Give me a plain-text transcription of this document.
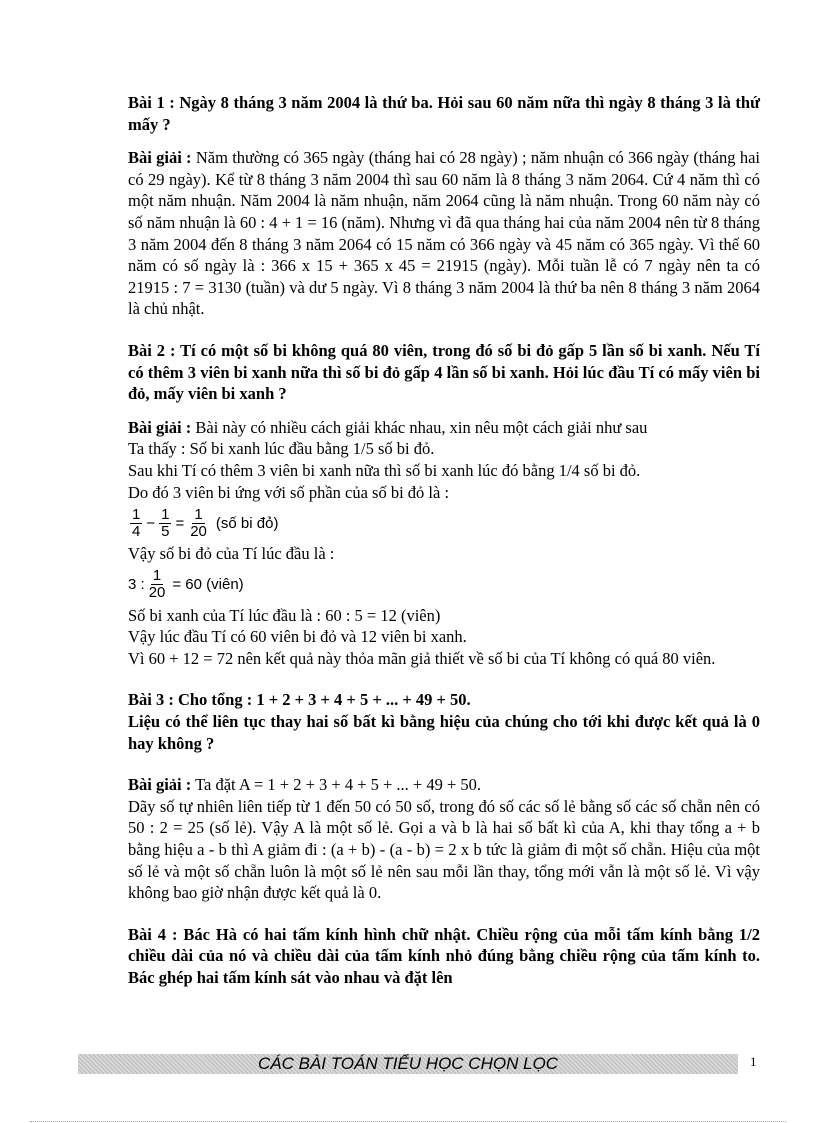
Bài 1 : Ngày 8 tháng 3 năm 2004 là thứ ba. Hỏi sau 60 năm nữa thì ngày 8 tháng 3 là thứ mấy ?

Bài giải : Năm thường có 365 ngày (tháng hai có 28 ngày) ; năm nhuận có 366 ngày (tháng hai có 29 ngày). Kể từ 8 tháng 3 năm 2004 thì sau 60 năm là 8 tháng 3 năm 2064. Cứ 4 năm thì có một năm nhuận. Năm 2004 là năm nhuận, năm 2064 cũng là năm nhuận. Trong 60 năm này có số năm nhuận là 60 : 4 + 1 = 16 (năm). Nhưng vì đã qua tháng hai của năm 2004 nên từ 8 tháng 3 năm 2004 đến 8 tháng 3 năm 2064 có 15 năm có 366 ngày và 45 năm có 365 ngày. Vì thế 60 năm có số ngày là : 366 x 15 + 365 x 45 = 21915 (ngày). Mỗi tuần lễ có 7 ngày nên ta có 21915 : 7 = 3130 (tuần) và dư 5 ngày. Vì 8 tháng 3 năm 2004 là thứ ba nên 8 tháng 3 năm 2064 là chủ nhật.

Bài 2 : Tí có một số bi không quá 80 viên, trong đó số bi đỏ gấp 5 lần số bi xanh. Nếu Tí có thêm 3 viên bi xanh nữa thì số bi đỏ gấp 4 lần số bi xanh. Hỏi lúc đầu Tí có mấy viên bi đỏ, mấy viên bi xanh ?

Bài giải : Bài này có nhiều cách giải khác nhau, xin nêu một cách giải như sau

Ta thấy : Số bi xanh lúc đầu bằng 1/5 số bi đỏ.

Sau khi Tí có thêm 3 viên bi xanh nữa thì số bi xanh lúc đó bằng 1/4 số bi đỏ.

Do đó 3 viên bi ứng với số phần của số bi đỏ là :

$\frac{1}{4} - \frac{1}{5} = \frac{1}{20}$ (số bi đỏ)

Vậy số bi đỏ của Tí lúc đầu là :

3 : $\frac{1}{20} = 60$ (viên)

Số bi xanh của Tí lúc đầu là : 60 : 5 = 12 (viên)

Vậy lúc đầu Tí có 60 viên bi đỏ và 12 viên bi xanh.

Vì 60 + 12 = 72 nên kết quả này thỏa mãn giả thiết về số bi của Tí không có quá 80 viên.

Bài 3 : Cho tổng : 1 + 2 + 3 + 4 + 5 + ... + 49 + 50.

Liệu có thể liên tục thay hai số bất kì bằng hiệu của chúng cho tới khi được kết quả là 0 hay không ?

Bài giải : Ta đặt A = 1 + 2 + 3 + 4 + 5 + ... + 49 + 50.

Dãy số tự nhiên liên tiếp từ 1 đến 50 có 50 số, trong đó số các số lẻ bằng số các số chẵn nên có 50 : 2 = 25 (số lẻ). Vậy A là một số lẻ. Gọi a và b là hai số bất kì của A, khi thay tổng a + b bằng hiệu a - b thì A giảm đi : (a + b) - (a - b) = 2 x b tức là giảm đi một số chẵn. Hiệu của một số lẻ và một số chẵn luôn là một số lẻ nên sau mỗi lần thay, tổng mới vẫn là một số lẻ. Vì vậy không bao giờ nhận được kết quả là 0.

Bài 4 : Bác Hà có hai tấm kính hình chữ nhật. Chiều rộng của mỗi tấm kính bằng 1/2 chiều dài của nó và chiều dài của tấm kính nhỏ đúng bằng chiều rộng của tấm kính to. Bác ghép hai tấm kính sát vào nhau và đặt lên

CÁC BÀI TOÁN TIỂU HỌC CHỌN LỌC	1
